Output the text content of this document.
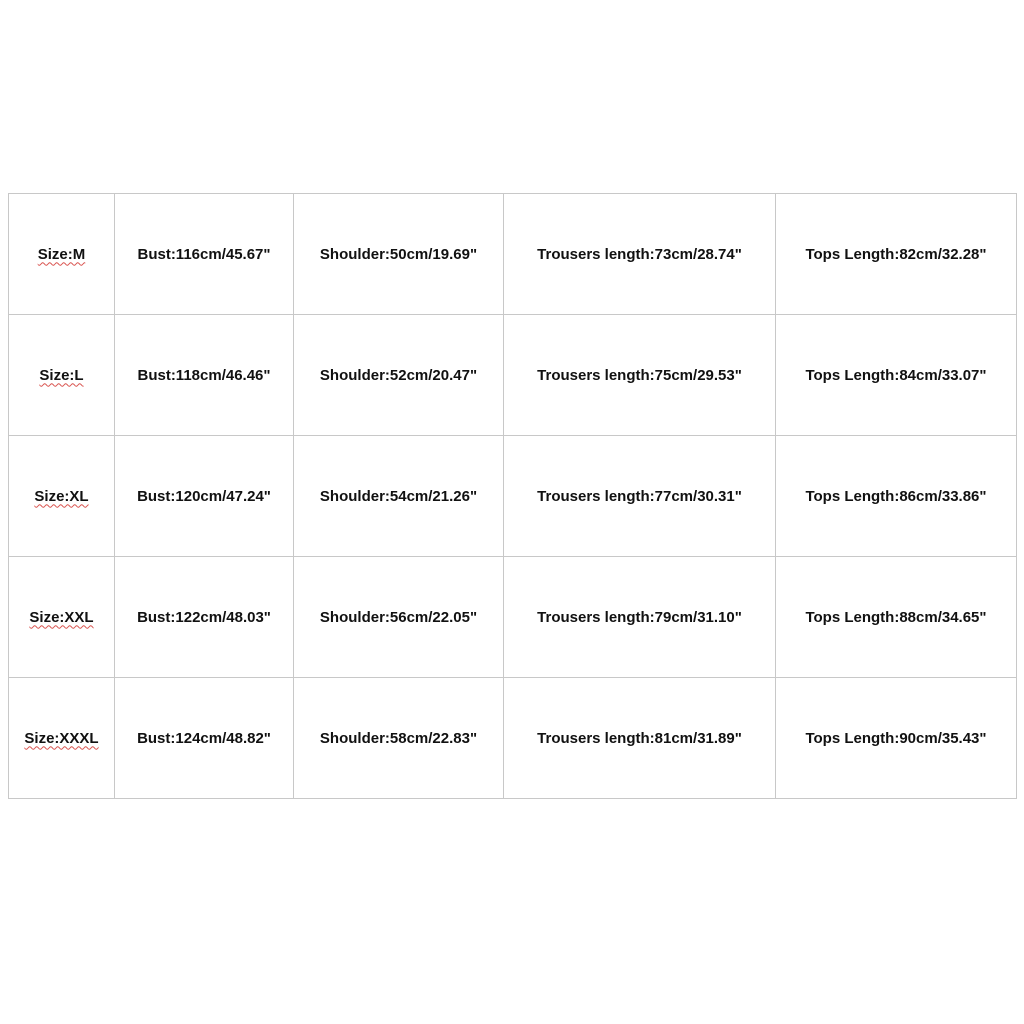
Size:M	Bust:116cm/45.67"	Shoulder:50cm/19.69"	Trousers length:73cm/28.74"	Tops Length:82cm/32.28"
Size:L	Bust:118cm/46.46"	Shoulder:52cm/20.47"	Trousers length:75cm/29.53"	Tops Length:84cm/33.07"
Size:XL	Bust:120cm/47.24"	Shoulder:54cm/21.26"	Trousers length:77cm/30.31"	Tops Length:86cm/33.86"
Size:XXL	Bust:122cm/48.03"	Shoulder:56cm/22.05"	Trousers length:79cm/31.10"	Tops Length:88cm/34.65"
Size:XXXL	Bust:124cm/48.82"	Shoulder:58cm/22.83"	Trousers length:81cm/31.89"	Tops Length:90cm/35.43"
